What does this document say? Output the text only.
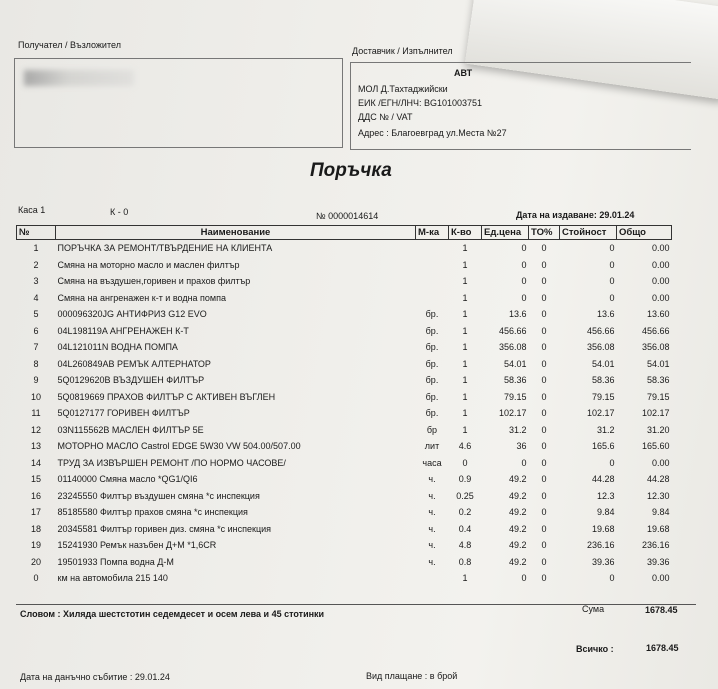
Получател / Възложител
Доставчик / Изпълнител
АВТ
МОЛ Д.Тахтаджийски
ЕИК /ЕГН/ЛНЧ: BG101003751
ДДС № / VAT
Адрес : Благоевград ул.Места №27
Поръчка
Каса 1	К - 0	№ 0000014614	Дата на издаване: 29.01.24
№	Наименование	М-ка	К-во	Ед.цена	ТО%	Стойност	Общо
1	ПОРЪЧКА ЗА РЕМОНТ/ТВЪРДЕНИЕ НА КЛИЕНТА		1	0	0	0	0.00
2	Смяна на моторно масло и маслен филтър		1	0	0	0	0.00
3	Смяна на въздушен,горивен и прахов филтър		1	0	0	0	0.00
4	Смяна на ангренажен к-т и водна помпа		1	0	0	0	0.00
5	000096320JG АНТИФРИЗ G12 EVO	бр.	1	13.6	0	13.6	13.60
6	04L198119A АНГРЕНАЖЕН К-Т	бр.	1	456.66	0	456.66	456.66
7	04L121011N ВОДНА ПОМПА	бр.	1	356.08	0	356.08	356.08
8	04L260849AB РЕМЪК АЛТЕРНАТОР	бр.	1	54.01	0	54.01	54.01
9	5Q0129620B ВЪЗДУШЕН ФИЛТЪР	бр.	1	58.36	0	58.36	58.36
10	5Q0819669 ПРАХОВ ФИЛТЪР С АКТИВЕН ВЪГЛЕН	бр.	1	79.15	0	79.15	79.15
11	5Q0127177 ГОРИВЕН ФИЛТЪР	бр.	1	102.17	0	102.17	102.17
12	03N115562B МАСЛЕН ФИЛТЪР 5Е	бр	1	31.2	0	31.2	31.20
13	МОТОРНО МАСЛО Castrol EDGE 5W30 VW 504.00/507.00	лит	4.6	36	0	165.6	165.60
14	ТРУД ЗА ИЗВЪРШЕН РЕМОНТ /ПО НОРМО ЧАСОВЕ/	часа	0	0	0	0	0.00
15	01140000 Смяна масло *QG1/QI6	ч.	0.9	49.2	0	44.28	44.28
16	23245550 Филтър въздушен смяна *с инспекция	ч.	0.25	49.2	0	12.3	12.30
17	85185580 Филтър прахов смяна *с инспекция	ч.	0.2	49.2	0	9.84	9.84
18	20345581 Филтър горивен диз. смяна *с инспекция	ч.	0.4	49.2	0	19.68	19.68
19	15241930 Ремък назъбен Д+М *1,6CR	ч.	4.8	49.2	0	236.16	236.16
20	19501933 Помпа водна Д-М	ч.	0.8	49.2	0	39.36	39.36
0	км на автомобила 215 140		1	0	0	0	0.00
Словом : Хиляда шестстотин седемдесет и осем лева и 45 стотинки	Сума	1678.45
Всичко :	1678.45
Дата на данъчно събитие : 29.01.24	Вид плащане : в брой
